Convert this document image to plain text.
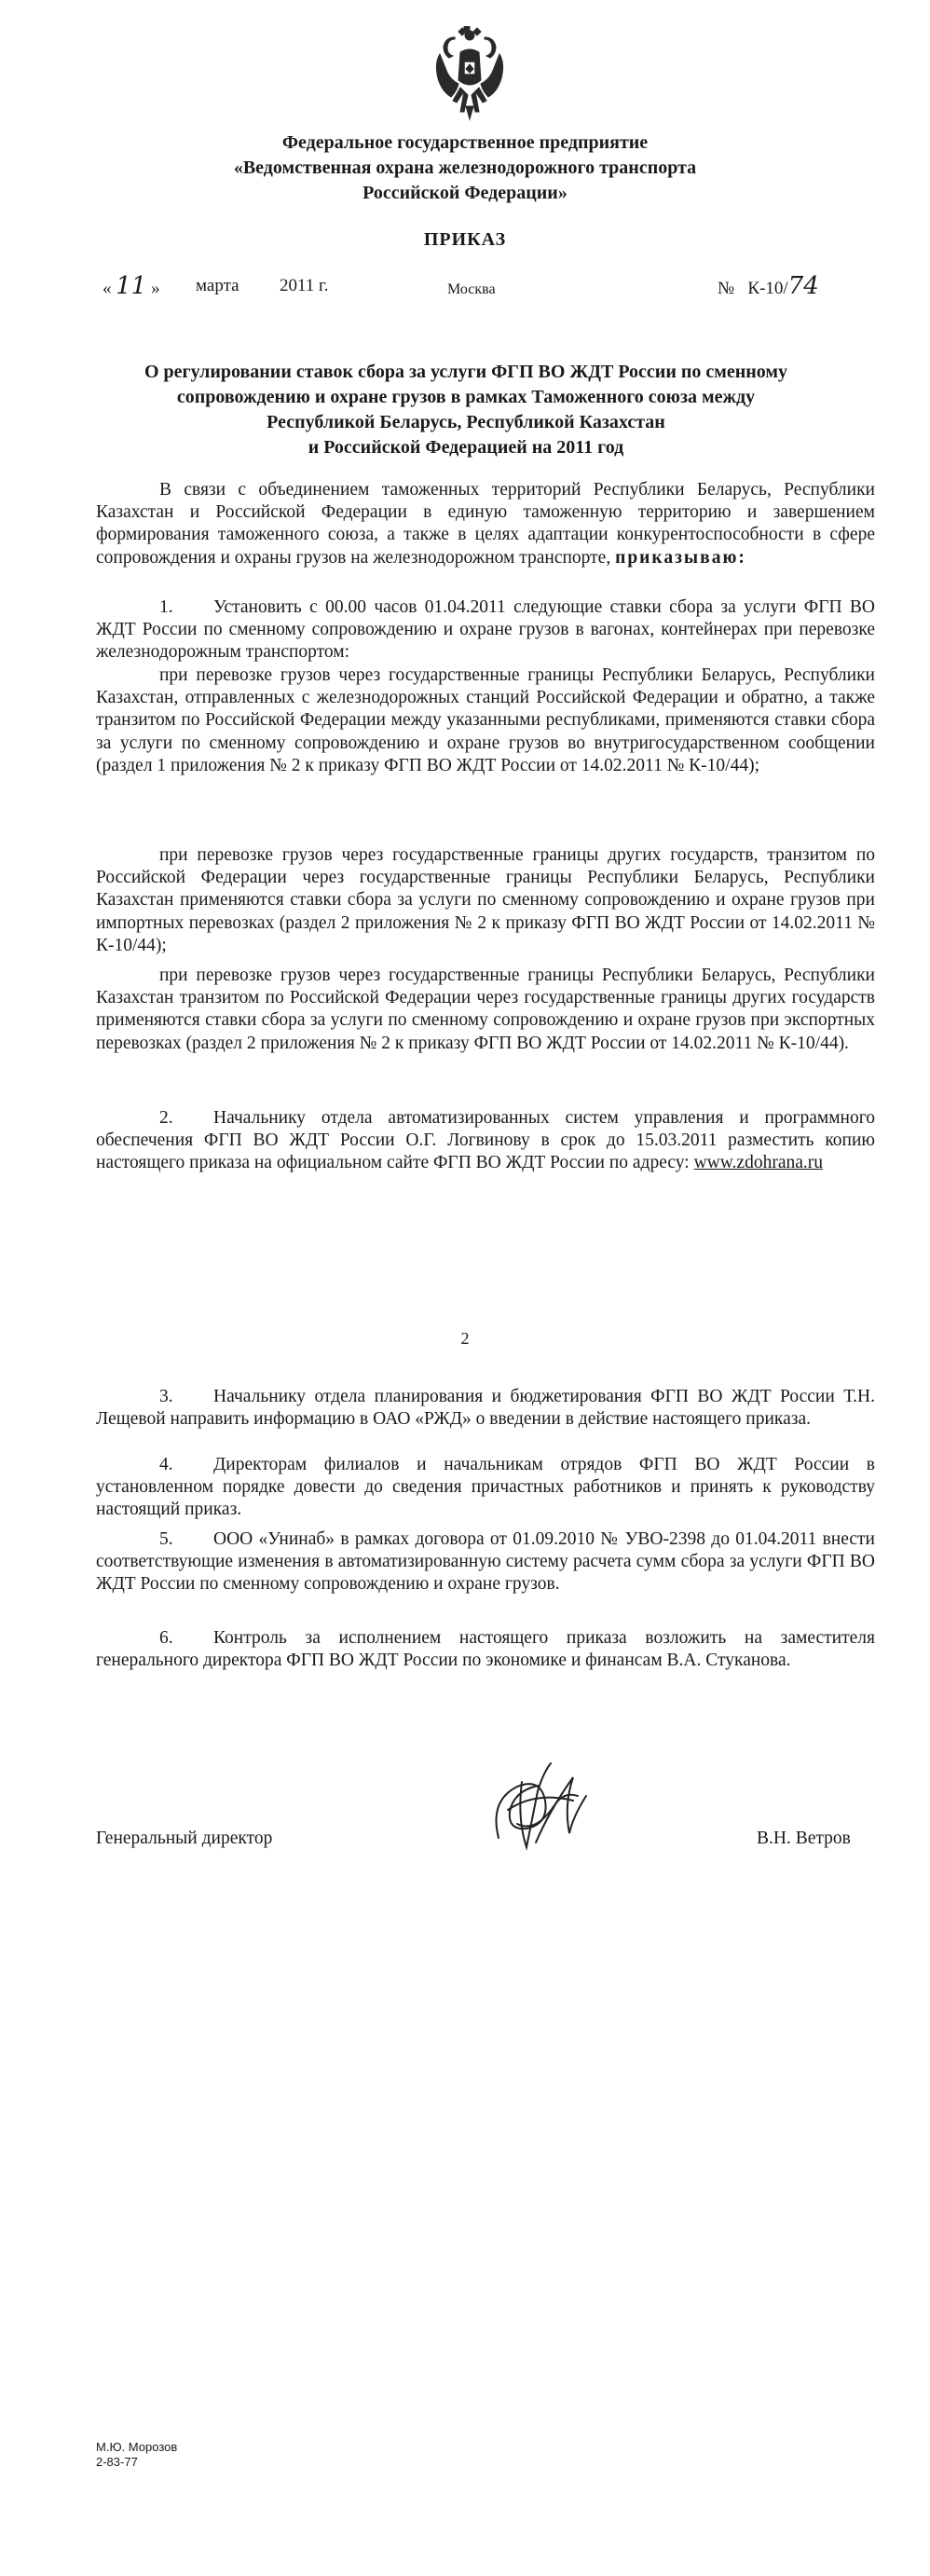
Федеральное государственное предприятие
«Ведомственная охрана железнодорожного транспорта
Российской Федерации»
ПРИКАЗ
« 11 » марта 2011 г.	Москва	№ К-10/74
О регулировании ставок сбора за услуги ФГП ВО ЖДТ России по сменному
сопровождению и охране грузов в рамках Таможенного союза между
Республикой Беларусь, Республикой Казахстан
и Российской Федерацией на 2011 год

В связи с объединением таможенных территорий Республики Беларусь, Республики Казахстан и Российской Федерации в единую таможенную территорию и завершением формирования таможенного союза, а также в целях адаптации конкурентоспособности в сфере сопровождения и охраны грузов на железнодорожном транспорте, приказываю:

1. Установить с 00.00 часов 01.04.2011 следующие ставки сбора за услуги ФГП ВО ЖДТ России по сменному сопровождению и охране грузов в вагонах, контейнерах при перевозке железнодорожным транспортом:

при перевозке грузов через государственные границы Республики Беларусь, Республики Казахстан, отправленных с железнодорожных станций Российской Федерации и обратно, а также транзитом по Российской Федерации между указанными республиками, применяются ставки сбора за услуги по сменному сопровождению и охране грузов во внутригосударственном сообщении (раздел 1 приложения № 2 к приказу ФГП ВО ЖДТ России от 14.02.2011 № К-10/44);

при перевозке грузов через государственные границы других государств, транзитом по Российской Федерации через государственные границы Республики Беларусь, Республики Казахстан применяются ставки сбора за услуги по сменному сопровождению и охране грузов при импортных перевозках (раздел 2 приложения № 2 к приказу ФГП ВО ЖДТ России от 14.02.2011 № К-10/44);

при перевозке грузов через государственные границы Республики Беларусь, Республики Казахстан транзитом по Российской Федерации через государственные границы других государств применяются ставки сбора за услуги по сменному сопровождению и охране грузов при экспортных перевозках (раздел 2 приложения № 2 к приказу ФГП ВО ЖДТ России от 14.02.2011 № К-10/44).

2. Начальнику отдела автоматизированных систем управления и программного обеспечения ФГП ВО ЖДТ России О.Г. Логвинову в срок до 15.03.2011 разместить копию настоящего приказа на официальном сайте ФГП ВО ЖДТ России по адресу: www.zdohrana.ru

2

3. Начальнику отдела планирования и бюджетирования ФГП ВО ЖДТ России Т.Н. Лещевой направить информацию в ОАО «РЖД» о введении в действие настоящего приказа.

4. Директорам филиалов и начальникам отрядов ФГП ВО ЖДТ России в установленном порядке довести до сведения причастных работников и принять к руководству настоящий приказ.

5. ООО «Унинаб» в рамках договора от 01.09.2010 № УВО-2398 до 01.04.2011 внести соответствующие изменения в автоматизированную систему расчета сумм сбора за услуги ФГП ВО ЖДТ России по сменному сопровождению и охране грузов.

6. Контроль за исполнением настоящего приказа возложить на заместителя генерального директора ФГП ВО ЖДТ России по экономике и финансам В.А. Стуканова.

Генеральный директор	В.Н. Ветров
М.Ю. Морозов
2-83-77
